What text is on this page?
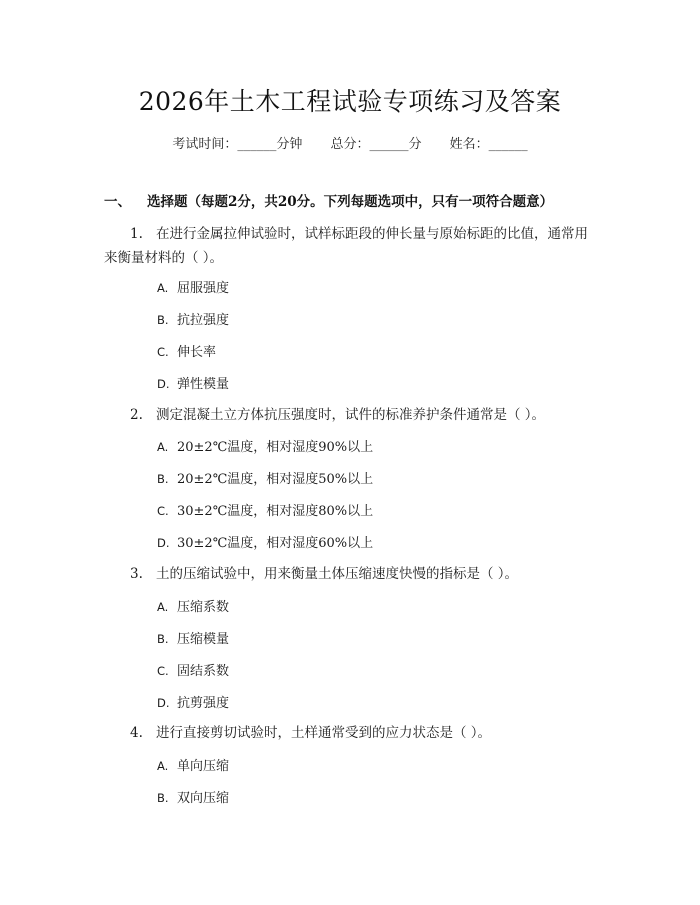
2026年土木工程试验专项练习及答案
考试时间：______分钟 总分：______分 姓名：______
一、 选择题（每题2分，共20分。下列每题选项中，只有一项符合题意）
1. 在进行金属拉伸试验时，试样标距段的伸长量与原始标距的比值，通常用来衡量材料的（ ）。
A. 屈服强度
B. 抗拉强度
C. 伸长率
D. 弹性模量
2. 测定混凝土立方体抗压强度时，试件的标准养护条件通常是（ ）。
A. 20±2℃温度，相对湿度90%以上
B. 20±2℃温度，相对湿度50%以上
C. 30±2℃温度，相对湿度80%以上
D. 30±2℃温度，相对湿度60%以上
3. 土的压缩试验中，用来衡量土体压缩速度快慢的指标是（ ）。
A. 压缩系数
B. 压缩模量
C. 固结系数
D. 抗剪强度
4. 进行直接剪切试验时，土样通常受到的应力状态是（ ）。
A. 单向压缩
B. 双向压缩
